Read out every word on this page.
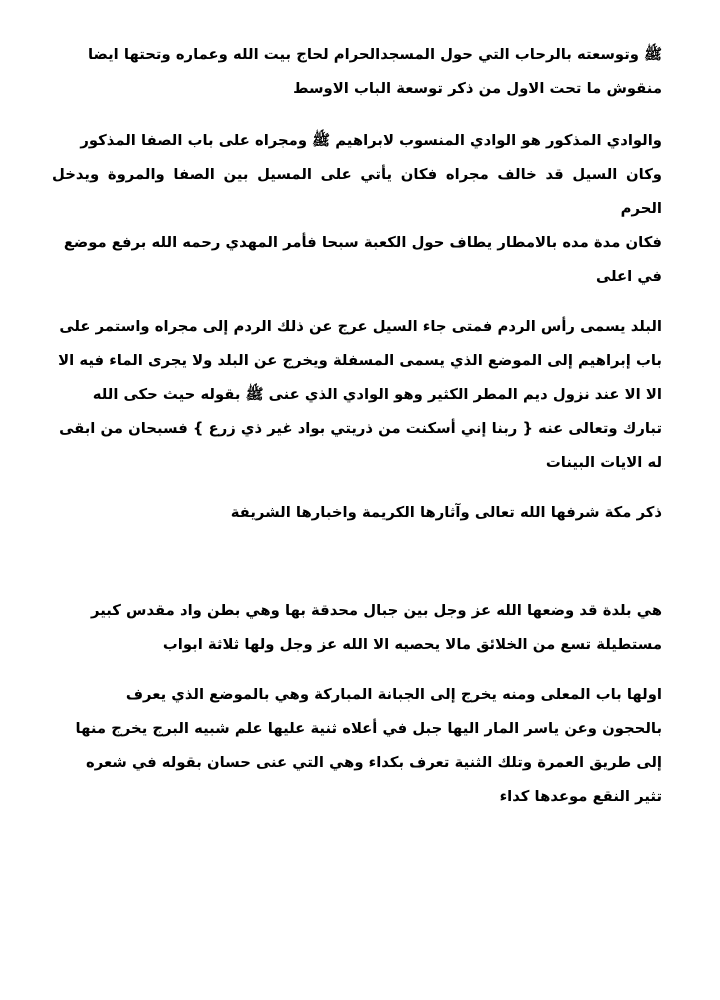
ﷺ وتوسعته بالرحاب التي حول المسجدالحرام لحاج بيت الله وعماره وتحتها ايضا
منقوش ما تحت الاول من ذكر توسعة الباب الاوسط

والوادي المذكور هو الوادي المنسوب لابراهيم ﷺ ومجراه على باب الصفا المذكور
وكان السيل قد خالف مجراه فكان يأتي على المسيل بين الصفا والمروة ويدخل الحرم
فكان مدة مده بالامطار يطاف حول الكعبة سبحا فأمر المهدي رحمه الله برفع موضع
في اعلى

البلد يسمى رأس الردم فمتى جاء السيل عرج عن ذلك الردم إلى مجراه واستمر على
باب إبراهيم إلى الموضع الذي يسمى المسفلة ويخرج عن البلد ولا يجرى الماء فيه الا
الا الا عند نزول ديم المطر الكثير وهو الوادي الذي عنى ﷺ بقوله حيث حكى الله
تبارك وتعالى عنه { ربنا إني أسكنت من ذريتي بواد غير ذي زرع } فسبحان من ابقى
له الايات البينات

ذكر مكة شرفها الله تعالى وآثارها الكريمة واخبارها الشريفة

هي بلدة قد وضعها الله عز وجل بين جبال محدقة بها وهي بطن واد مقدس كبير
مستطيلة تسع من الخلائق مالا يحصيه الا الله عز وجل ولها ثلاثة ابواب

اولها باب المعلى ومنه يخرج إلى الجبانة المباركة وهي بالموضع الذي يعرف
بالحجون وعن ياسر المار اليها جبل في أعلاه ثنية عليها علم شبيه البرج يخرج منها
إلى طريق العمرة وتلك الثنية تعرف بكداء وهي التي عنى حسان بقوله في شعره
تثير النقع موعدها كداء
